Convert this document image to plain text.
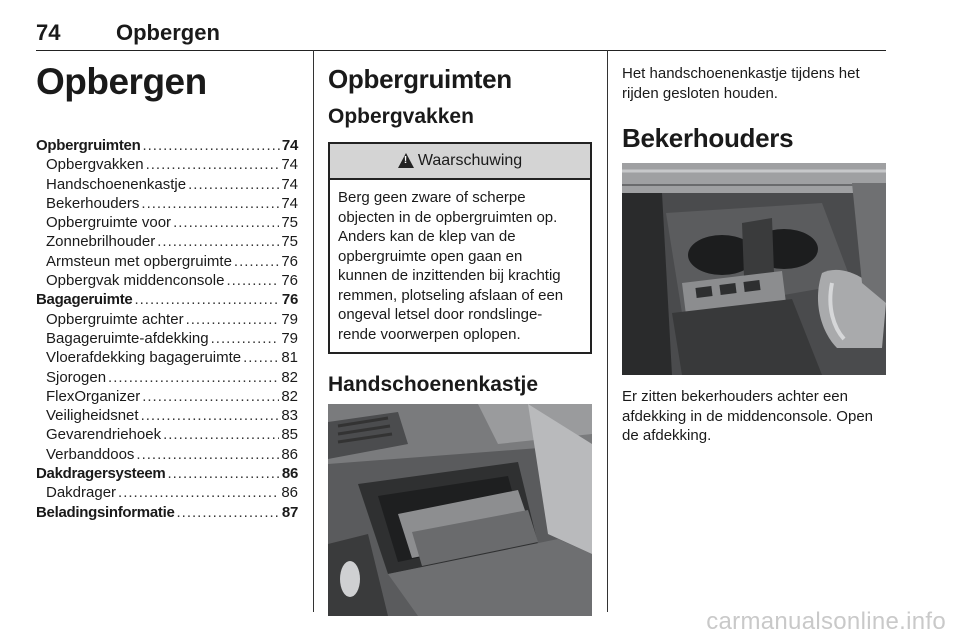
74	Opbergen
Opbergen
Opbergruimten .....	74
Opbergvakken .....	74
Handschoenenkastje .....	74
Bekerhouders .....	74
Opbergruimte voor .....	75
Zonnebrilhouder .....	75
Armsteun met opbergruimte .....	76
Opbergvak middenconsole .....	76
Bagageruimte .....	76
Opbergruimte achter .....	79
Bagageruimte-afdekking .....	79
Vloerafdekking bagageruimte .....	81
Sjorogen .....	82
FlexOrganizer .....	82
Veiligheidsnet .....	83
Gevarendriehoek .....	85
Verbanddoos .....	86
Dakdragersysteem .....	86
Dakdrager .....	86
Beladingsinformatie .....	87
Opbergruimten
Opbergvakken
!
Waarschuwing
Berg geen zware of scherpe
objecten in de opbergruimten op.
Anders kan de klep van de
opbergruimte open gaan en
kunnen de inzittenden bij krachtig
remmen, plotseling afslaan of een
ongeval letsel door rondslinge-
rende voorwerpen oplopen.
Handschoenenkastje
Het handschoenenkastje tijdens het
rijden gesloten houden.
Bekerhouders
Er zitten bekerhouders achter een
afdekking in de middenconsole. Open
de afdekking.
carmanualsonline.info
